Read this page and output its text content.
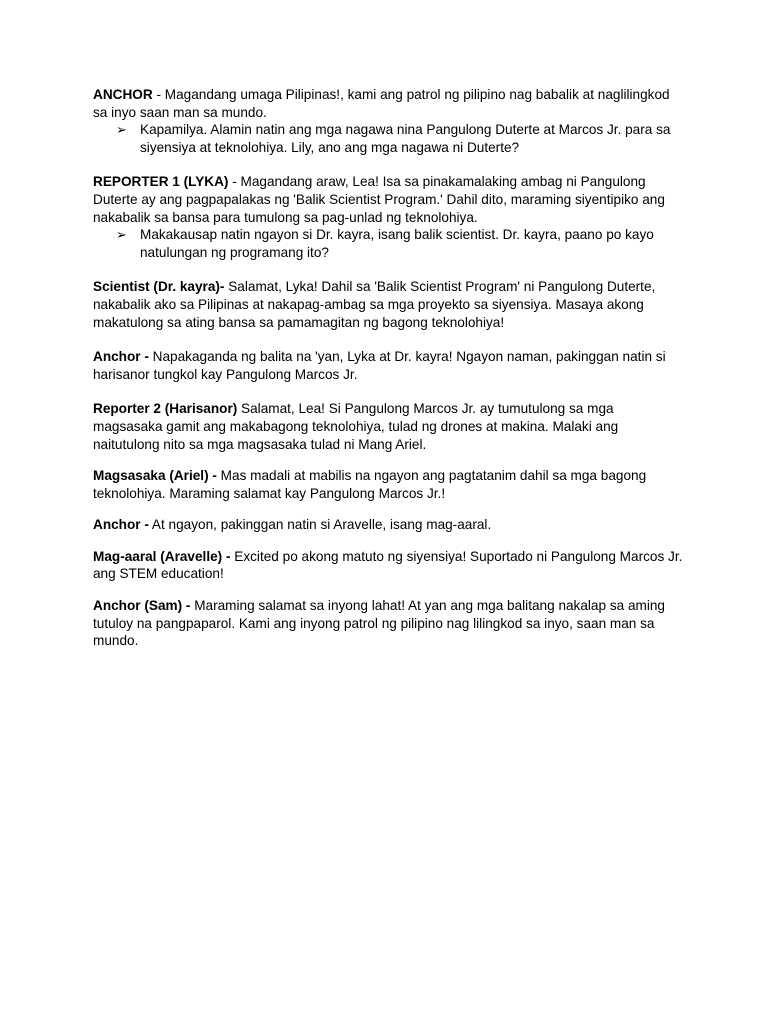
ANCHOR - Magandang umaga Pilipinas!, kami ang patrol ng pilipino nag babalik at naglilingkod sa inyo saan man sa mundo.

➢ Kapamilya. Alamin natin ang mga nagawa nina Pangulong Duterte at Marcos Jr. para sa siyensiya at teknolohiya. Lily, ano ang mga nagawa ni Duterte?

REPORTER 1 (LYKA) - Magandang araw, Lea! Isa sa pinakamalaking ambag ni Pangulong Duterte ay ang pagpapalakas ng 'Balik Scientist Program.' Dahil dito, maraming siyentipiko ang nakabalik sa bansa para tumulong sa pag-unlad ng teknolohiya.

➢ Makakausap natin ngayon si Dr. kayra, isang balik scientist. Dr. kayra, paano po kayo natulungan ng programang ito?

Scientist (Dr. kayra)- Salamat, Lyka! Dahil sa 'Balik Scientist Program' ni Pangulong Duterte, nakabalik ako sa Pilipinas at nakapag-ambag sa mga proyekto sa siyensiya. Masaya akong makatulong sa ating bansa sa pamamagitan ng bagong teknolohiya!

Anchor - Napakaganda ng balita na 'yan, Lyka at Dr. kayra! Ngayon naman, pakinggan natin si harisanor tungkol kay Pangulong Marcos Jr.

Reporter 2 (Harisanor) Salamat, Lea! Si Pangulong Marcos Jr. ay tumutulong sa mga magsasaka gamit ang makabagong teknolohiya, tulad ng drones at makina. Malaki ang naitutulong nito sa mga magsasaka tulad ni Mang Ariel.

Magsasaka (Ariel) - Mas madali at mabilis na ngayon ang pagtatanim dahil sa mga bagong teknolohiya. Maraming salamat kay Pangulong Marcos Jr.!

Anchor - At ngayon, pakinggan natin si Aravelle, isang mag-aaral.

Mag-aaral (Aravelle) - Excited po akong matuto ng siyensiya! Suportado ni Pangulong Marcos Jr. ang STEM education!

Anchor (Sam) - Maraming salamat sa inyong lahat! At yan ang mga balitang nakalap sa aming tutuloy na pangpaparol. Kami ang inyong patrol ng pilipino nag lilingkod sa inyo, saan man sa mundo.
